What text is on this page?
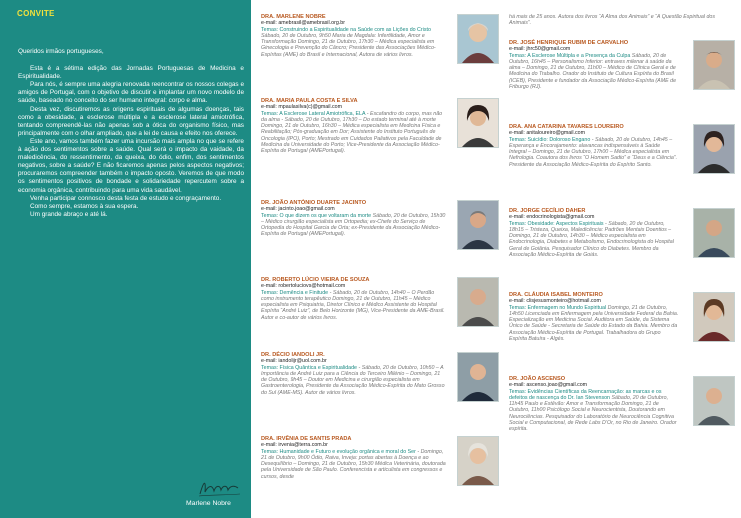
CONVITE

Queridos irmãos portugueses,

Esta é a sétima edição das Jornadas Portuguesas de Medicina e Espiritualidade.

Para nós, é sempre uma alegria renovada reencontrar os nossos colegas e amigos de Portugal, com o objetivo de discutir e implantar um novo modelo de saúde, baseado no conceito do ser humano integral: corpo e alma.

Desta vez, discutiremos as origens espirituais de algumas doenças, tais como a obesidade, a esclerose múltipla e a esclerose lateral amiotrófica, tentando compreendê-las não apenas sob a ótica do organismo físico, mas principalmente com o olhar ampliado, que a lei de causa e efeito nos oferece.

Este ano, vamos também fazer uma incursão mais ampla no que se refere à ação dos sentimentos sobre a saúde. Qual será o impacto da vaidade, da maledicência, do ressentimento, da queixa, do ódio, enfim, dos sentimentos negativos, sobre a saúde? E não ficaremos apenas pelos aspectos negativos; procuraremos compreender também o impacto oposto. Veremos de que modo os sentimentos positivos de bondade e solidariedade repercutem sobre a economia orgânica, contribuindo para uma vida saudável.

Venha participar connosco desta festa de estudo e congraçamento.

Como sempre, estamos à sua espera.

Um grande abraço e até lá.

Marlene Nobre
DRA. MARLENE NOBRE
e-mail: amebrasil@amebrasil.org.br
Temas: Construindo a Espiritualidade na Saúde com as Lições do Cristo Sábado, 20 de Outubro, 9h50 Maria de Magdala: Infertilidade, Amor e Transformação Domingo, 21 de Outubro, 17h30 – Médica especialista em Ginecologia e Prevenção do Câncro; Presidente das Associações Médico-Espíritas (AME) do Brasil e Internacional, Autora de vários livros.
DRA. MARIA PAULA COSTA E SILVA
e-mail: mpaulasilva(c)@gmail.com
Temas: A Esclerose Lateral Amiotrófica, ELA - Escafandro do corpo, mas não da alma - Sábado, 20 de Outubro, 17h30 – Do estado terminal até à morte Domingo, 21 de Outubro, 16h30 – Médica especialista em Medicina Física e Reabilitação; Pós-graduação em Dor; Assistente do Instituto Português de Oncologia (IPO), Porto; Mestrado em Cuidados Paliativos pela Faculdade de Medicina da Universidade do Porto; Vice-Presidente da Associação Médico-Espírita de Portugal (AMEPortugal).
DR. JOÃO ANTÓNIO DUARTE JACINTO
e-mail: jacinto.joao@gmail.com
Temas: O que dizem os que voltaram da morte Sábado, 20 de Outubro, 15h30 – Médico cirurgião especialista em Ortopedia; ex-Chefe do Serviço de Ortopedia do Hospital Garcia de Orta; ex-Presidente da Associação Médico-Espírita de Portugal (AMEPortugal).
DR. ROBERTO LÚCIO VIEIRA DE SOUZA
e-mail: robertoluciovs@hotmail.com
Temas: Demência e Finitude - Sábado, 20 de Outubro, 14h40 – O Perdão como instrumento terapêutico Domingo, 21 de Outubro, 11h45 – Médico especialista em Psiquiatria, Diretor Clínico e Médico Assistente do Hospital Espírita “André Luiz”, de Belo Horizonte (MG), Vice-Presidente da AME-Brasil. Autor e co-autor de vários livros.
DR. DÉCIO IANDOLI JR.
e-mail: iandolijr@uol.com.br
Temas: Física Quântica e Espiritualidade - Sábado, 20 de Outubro, 10h50 – A Importância de André Luiz para a Ciência do Terceiro Milénio – Domingo, 21 de Outubro, 9h45 – Doutor em Medicina e cirurgião especialista em Gastroenterologia, Presidente da Associação Médico-Espírita do Mato Grosso do Sul (AME-MS). Autor de vários livros.
DRA. IRVÊNIA DE SANTIS PRADA
e-mail: irvenia@terra.com.br
Temas: Humanidade e Futuro e evolução orgânica e moral do Ser - Domingo, 21 de Outubro, 9h00 Ódio, Raiva, Inveja: portas abertas à Doença e ao Desequilíbrio – Domingo, 21 de Outubro, 15h30 Médica Veterinária, doutorada pela Universidade de São Paulo. Conferencista e articulista em congressos e cursos, desde
há mais de 25 anos. Autora dos livros “A Alma dos Animais” e “A Questão Espiritual dos Animais”.
DR. JOSÉ HENRIQUE RUBIM DE CARVALHO
e-mail: jhrc50@gmail.com
Temas: A Esclerose Múltipla e a Presença da Culpa Sábado, 20 de Outubro, 16h45 – Personalismo Inferior: entraves milenar à saúde da alma – Domingo, 21 de Outubro, 11h00 – Médico de Clínica Geral e de Medicina do Trabalho. Orador do Instituto de Cultura Espírita do Brasil (ICEB), Presidente e fundador da Associação Médico-Espírita (AME de Friburgo (RJ).
DRA. ANA CATARINA TAVARES LOUREIRO
e-mail: anitaloureiro@gmail.com
Temas: Suicídio: Doloroso Engano - Sábado, 20 de Outubro, 14h45 – Esperança e Encorajamento: alavancas indispensáveis à Saúde Integral – Domingo, 21 de Outubro, 17h00 – Médica especialista em Nefrologia. Coautora dos livros “O Homem Sadio” e “Deus e a Ciência”. Presidente da Associação Médico-Espírita do Espírito Santo.
DR. JORGE CECÍLIO DAHER
e-mail: endocrinologista@gmail.com
Temas: Obesidade: Aspectos Espirituais - Sábado, 20 de Outubro, 18h15 – Tristeza, Queixa, Maledicência: Padrões Mentais Doentios – Domingo, 21 de Outubro, 14h30 – Médico especialista em Endocrinologia, Diabetes e Metabolismo, Endocrinologista do Hospital Geral de Goiânia. Pesquisador Clínico do Diabetes. Membro da Associação Médico-Espírita de Goiás.
DRA. CLÁUDIA ISABEL MONTEIRO
e-mail: clisjesusmonteiro@hotmail.com
Temas: Enfermagem no Mundo Espiritual Domingo, 21 de Outubro, 14h50 Licenciada em Enfermagem pela Universidade Federal da Bahia. Especialização em Medicina Social. Auditora em Saúde, da Sistema Único de Saúde - Secretaria de Saúde do Estado da Bahia. Membro da Associação Médico-Espírita de Portugal. Trabalhadora do Grupo Espírita Batuíra - Algés.
DR. JOÃO ASCENSO
e-mail: ascenso.joao@gmail.com
Temas: Evidências Científicas da Reencarnação: as marcas e os defeitos de nascença do Dr. Ian Stevenson Sábado, 20 de Outubro, 11h45 Paulo e Estêvão: Amor e Transformação Domingo, 21 de Outubro, 11h00 Psicólogo Social e Neurocientista, Doutorando em Neurociências. Pesquisador do Laboratório de Neurociência Cognitiva Social e Computacional, de Rede Labs D’Or, no Rio de Janeiro. Orador espírita.
